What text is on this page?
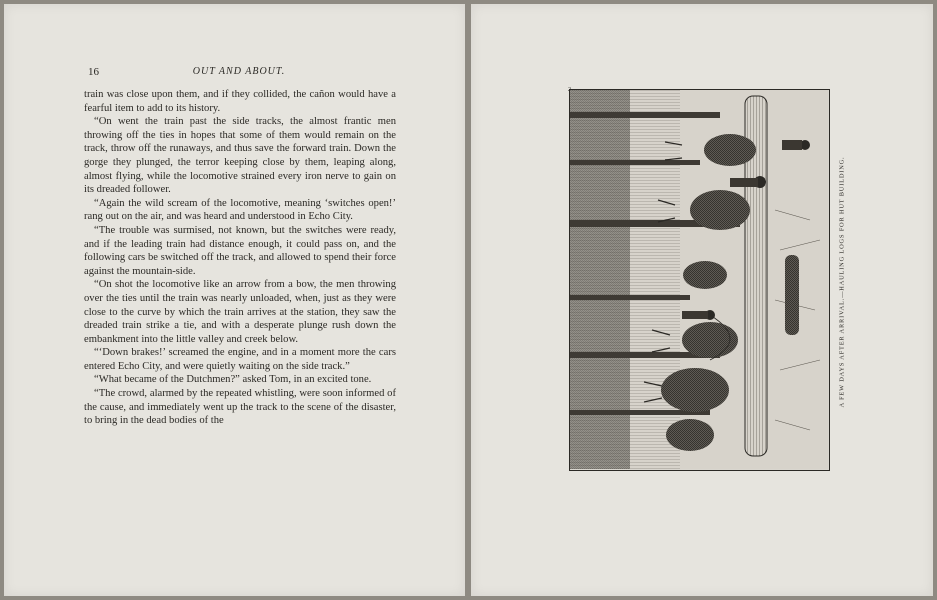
16	OUT AND ABOUT.

train was close upon them, and if they collided, the cañon would have a fearful item to add to its history.

“On went the train past the side tracks, the almost frantic men throwing off the ties in hopes that some of them would remain on the track, throw off the runaways, and thus save the forward train. Down the gorge they plunged, the terror keeping close by them, leaping along, almost flying, while the locomotive strained every iron nerve to gain on its dreaded follower.

“Again the wild scream of the locomotive, meaning ‘switches open!’ rang out on the air, and was heard and understood in Echo City.

“The trouble was surmised, not known, but the switches were ready, and if the leading train had distance enough, it could pass on, and the following cars be switched off the track, and allowed to spend their force against the mountain-side.

“On shot the locomotive like an arrow from a bow, the men throwing over the ties until the train was nearly unloaded, when, just as they were close to the curve by which the train arrives at the station, they saw the dreaded train strike a tie, and with a desperate plunge rush down the embankment into the little valley and creek below.

“‘Down brakes!’ screamed the engine, and in a moment more the cars entered Echo City, and were quietly waiting on the side track.”

“What became of the Dutchmen?” asked Tom, in an excited tone.

“The crowd, alarmed by the repeated whistling, were soon informed of the cause, and immediately went up the track to the scene of the disaster, to bring in the dead bodies of the

A FEW DAYS AFTER ARRIVAL.—HAULING LOGS FOR HUT BUILDING.
